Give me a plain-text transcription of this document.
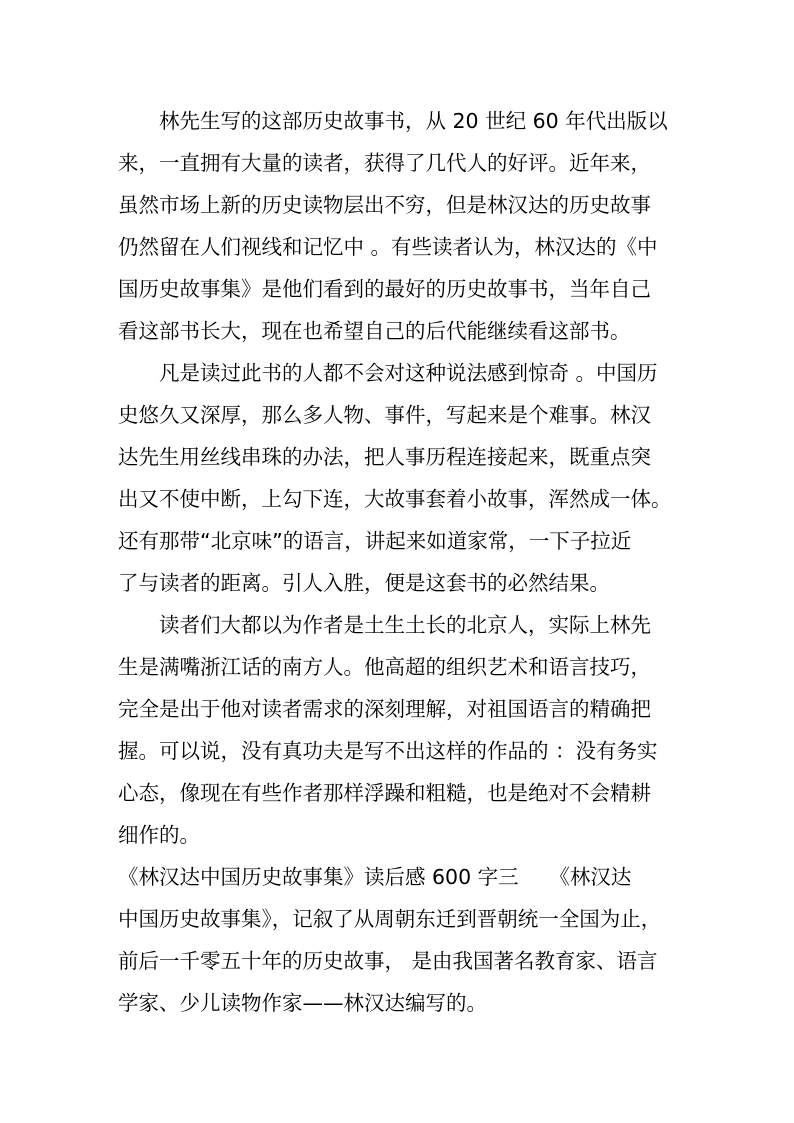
　　林先生写的这部历史故事书，从 20 世纪 60 年代出版以
来，一直拥有大量的读者，获得了几代人的好评。近年来，
虽然市场上新的历史读物层出不穷，但是林汉达的历史故事
仍然留在人们视线和记忆中 。有些读者认为，林汉达的《中
国历史故事集》是他们看到的最好的历史故事书，当年自己
看这部书长大，现在也希望自己的后代能继续看这部书。
　　凡是读过此书的人都不会对这种说法感到惊奇 。中国历
史悠久又深厚，那么多人物、事件，写起来是个难事。林汉
达先生用丝线串珠的办法，把人事历程连接起来，既重点突
出又不使中断，上勾下连，大故事套着小故事，浑然成一体。
还有那带“北京味”的语言，讲起来如道家常，一下子拉近
了与读者的距离。引人入胜，便是这套书的必然结果。
　　读者们大都以为作者是土生土长的北京人，实际上林先
生是满嘴浙江话的南方人。他高超的组织艺术和语言技巧，
完全是出于他对读者需求的深刻理解，对祖国语言的精确把
握。可以说，没有真功夫是写不出这样的作品的 ：没有务实
心态，像现在有些作者那样浮躁和粗糙，也是绝对不会精耕
细作的。
《林汉达中国历史故事集》读后感 600 字三　　《林汉达
中国历史故事集》，记叙了从周朝东迁到晋朝统一全国为止，
前后一千零五十年的历史故事， 是由我国著名教育家、语言
学家、少儿读物作家——林汉达编写的。
